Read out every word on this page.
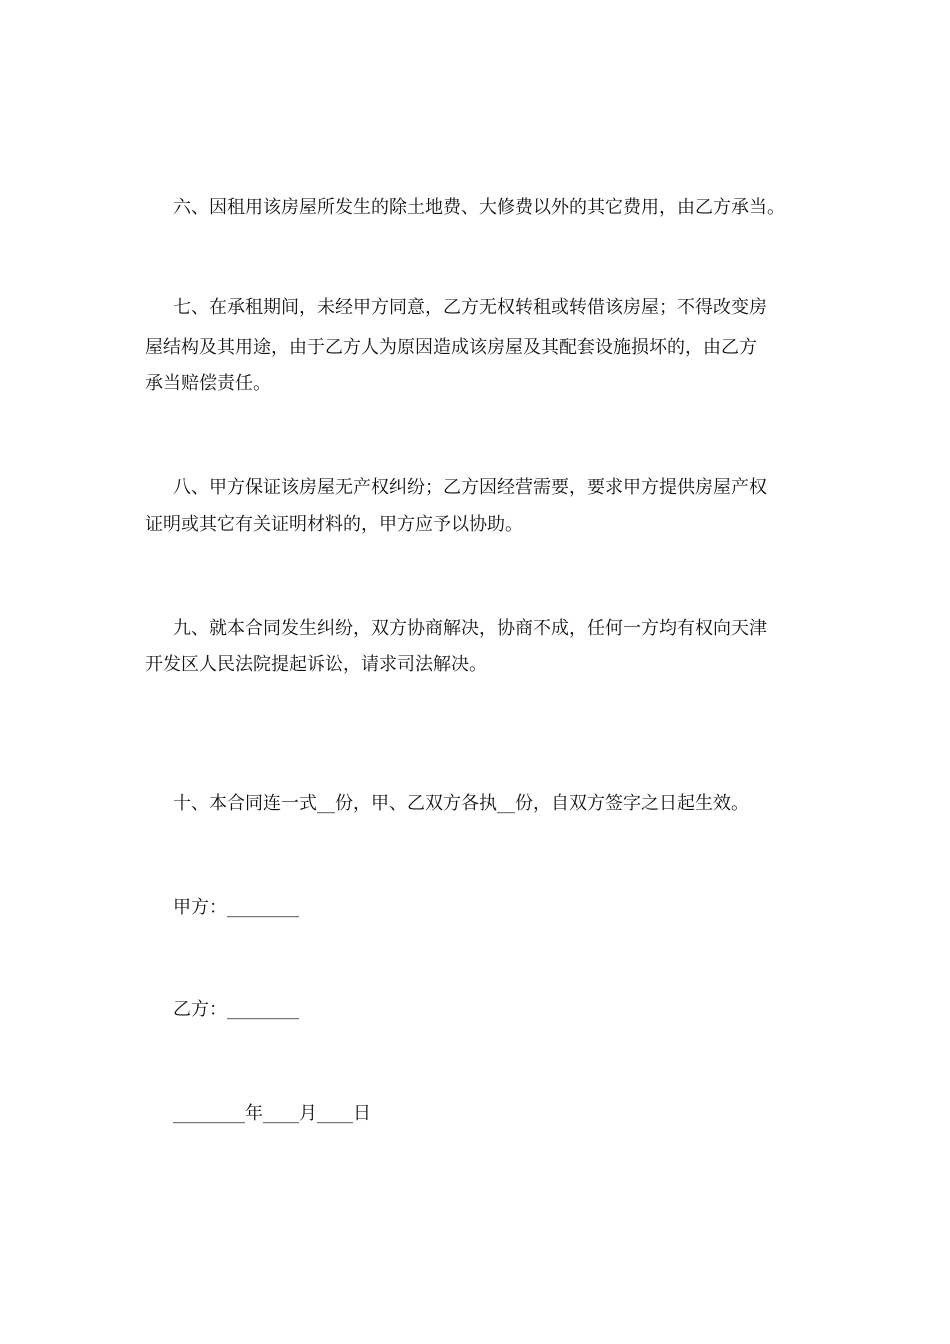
六、因租用该房屋所发生的除土地费、大修费以外的其它费用，由乙方承当。
七、在承租期间，未经甲方同意，乙方无权转租或转借该房屋；不得改变房
屋结构及其用途，由于乙方人为原因造成该房屋及其配套设施损坏的，由乙方
承当赔偿责任。
八、甲方保证该房屋无产权纠纷；乙方因经营需要，要求甲方提供房屋产权
证明或其它有关证明材料的，甲方应予以协助。
九、就本合同发生纠纷，双方协商解决，协商不成，任何一方均有权向天津
开发区人民法院提起诉讼，请求司法解决。
十、本合同连一式__份，甲、乙双方各执__份，自双方签字之日起生效。
甲方：________
乙方：________
________年____月____日
